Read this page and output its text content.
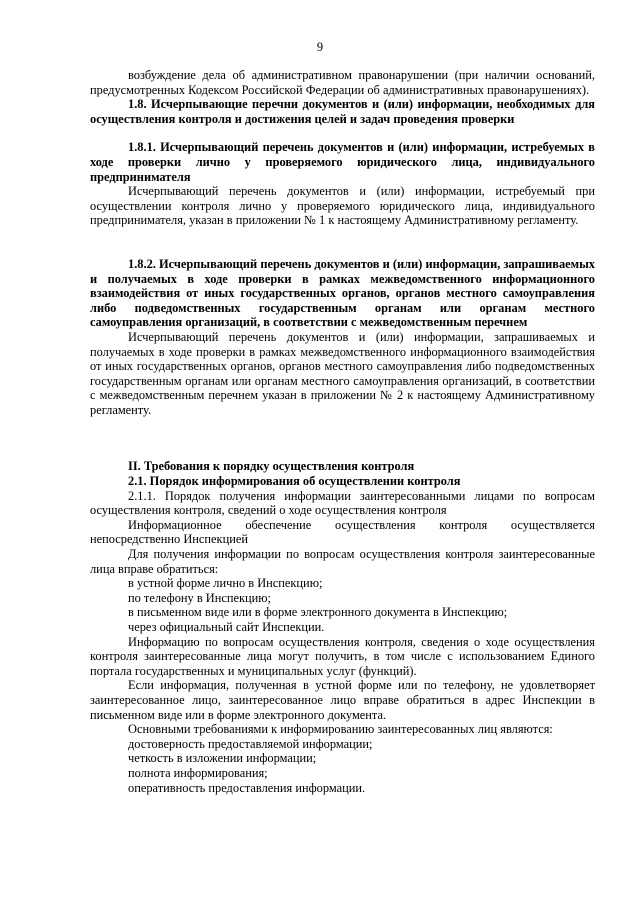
9

возбуждение дела об административном правонарушении (при наличии оснований, предусмотренных Кодексом Российской Федерации об административных правонарушениях).

1.8. Исчерпывающие перечни документов и (или) информации, необходимых для осуществления контроля и достижения целей и задач проведения проверки

1.8.1. Исчерпывающий перечень документов и (или) информации, истребуемых в ходе проверки лично у проверяемого юридического лица, индивидуального предпринимателя

Исчерпывающий перечень документов и (или) информации, истребуемый при осуществлении контроля лично у проверяемого юридического лица, индивидуального предпринимателя, указан в приложении № 1 к настоящему Административному регламенту.

1.8.2. Исчерпывающий перечень документов и (или) информации, запрашиваемых и получаемых в ходе проверки в рамках межведомственного информационного взаимодействия от иных государственных органов, органов местного самоуправления либо подведомственных государственным органам или органам местного самоуправления организаций, в соответствии с межведомственным перечнем

Исчерпывающий перечень документов и (или) информации, запрашиваемых и получаемых в ходе проверки в рамках межведомственного информационного взаимодействия от иных государственных органов, органов местного самоуправления либо подведомственных государственным органам или органам местного самоуправления организаций, в соответствии с межведомственным перечнем указан в приложении № 2 к настоящему Административному регламенту.

II. Требования к порядку осуществления контроля

2.1. Порядок информирования об осуществлении контроля

2.1.1. Порядок получения информации заинтересованными лицами по вопросам осуществления контроля, сведений о ходе осуществления контроля

Информационное обеспечение осуществления контроля осуществляется непосредственно Инспекцией

Для получения информации по вопросам осуществления контроля заинтересованные лица вправе обратиться:

в устной форме лично в Инспекцию;

по телефону в Инспекцию;

в письменном виде или в форме электронного документа в Инспекцию;

через официальный сайт Инспекции.

Информацию по вопросам осуществления контроля, сведения о ходе осуществления контроля заинтересованные лица могут получить, в том числе с использованием Единого портала государственных и муниципальных услуг (функций).

Если информация, полученная в устной форме или по телефону, не удовлетворяет заинтересованное лицо, заинтересованное лицо вправе обратиться в адрес Инспекции в письменном виде или в форме электронного документа.

Основными требованиями к информированию заинтересованных лиц являются:

достоверность предоставляемой информации;

четкость в изложении информации;

полнота информирования;

оперативность предоставления информации.
